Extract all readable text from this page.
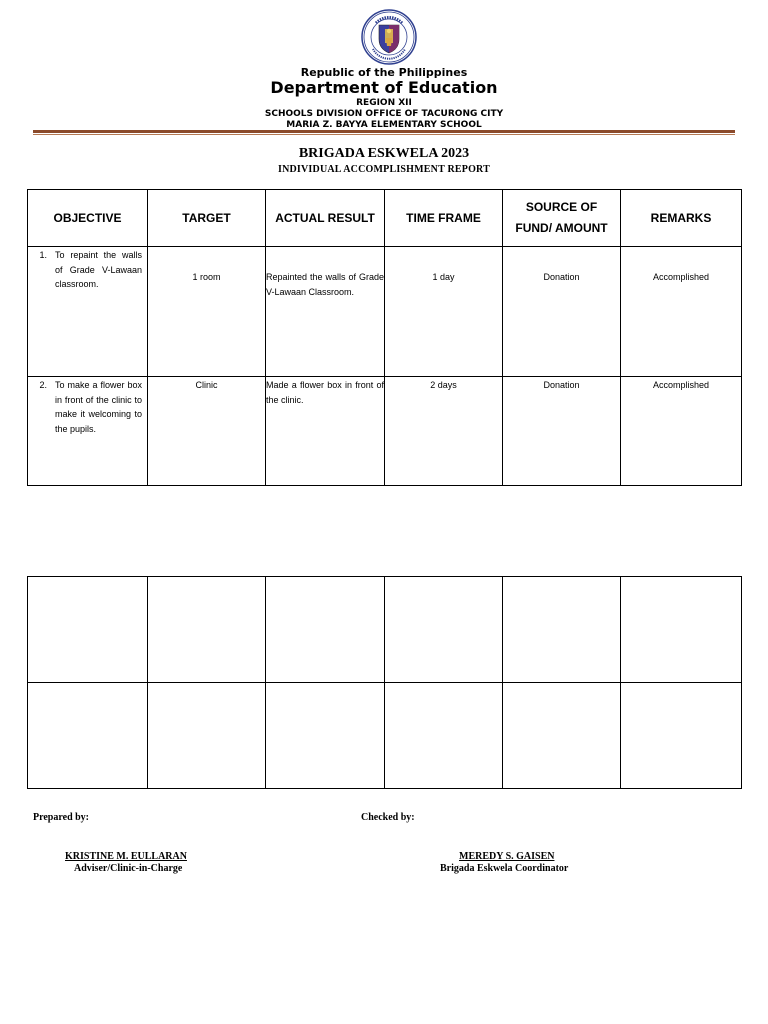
Republic of the Philippines
Department of Education
REGION XII
SCHOOLS DIVISION OFFICE OF TACURONG CITY
MARIA Z. BAYYA ELEMENTARY SCHOOL
BRIGADA ESKWELA 2023
INDIVIDUAL ACCOMPLISHMENT REPORT
OBJECTIVE	TARGET	ACTUAL RESULT	TIME FRAME	SOURCE OF FUND/ AMOUNT	REMARKS

1. To repaint the walls of Grade V-Lawaan classroom.	1 room	Repainted the walls of Grade V-Lawaan Classroom.	1 day	Donation	Accomplished

2. To make a flower box in front of the clinic to make it welcoming to the pupils.	Clinic	Made a flower box in front of the clinic.	2 days	Donation	Accomplished

Prepared by:	Checked by:
KRISTINE M. EULLARAN
Adviser/Clinic-in-Charge
MEREDY S. GAISEN
Brigada Eskwela Coordinator
